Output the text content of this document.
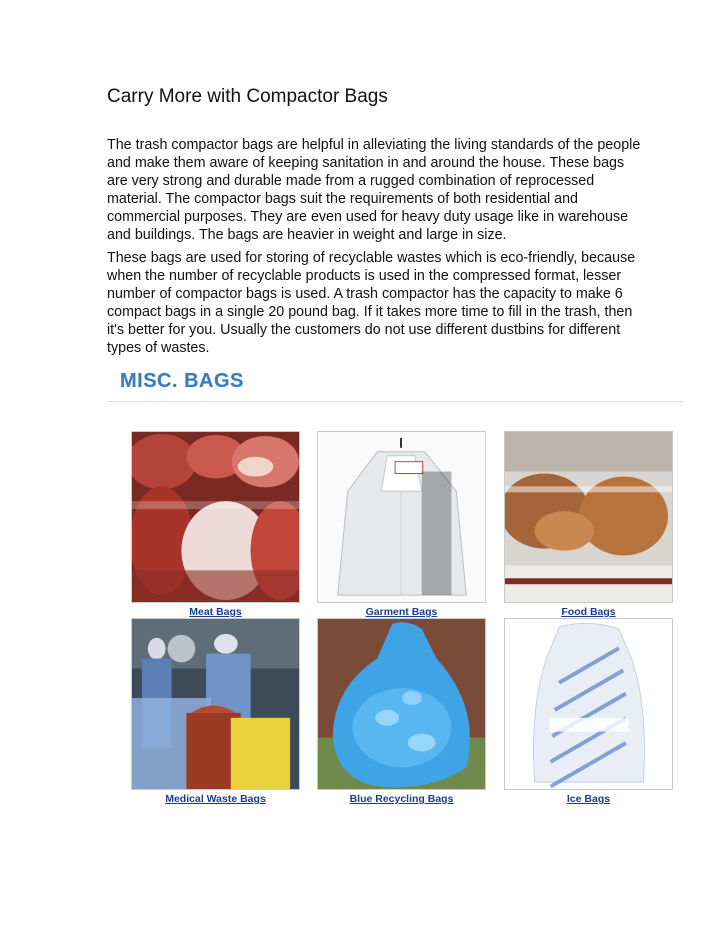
Carry More with Compactor Bags

The trash compactor bags are helpful in alleviating the living standards of the people and make them aware of keeping sanitation in and around the house. These bags are very strong and durable made from a rugged combination of reprocessed material. The compactor bags suit the requirements of both residential and commercial purposes. They are even used for heavy duty usage like in warehouse and buildings. The bags are heavier in weight and large in size.

These bags are used for storing of recyclable wastes which is eco-friendly, because when the number of recyclable products is used in the compressed format, lesser number of compactor bags is used. A trash compactor has the capacity to make 6 compact bags in a single 20 pound bag. If it takes more time to fill in the trash, then it's better for you. Usually the customers do not use different dustbins for different types of wastes.

MISC. BAGS
Meat Bags	Garment Bags	Food Bags
Medical Waste Bags	Blue Recycling Bags	Ice Bags
